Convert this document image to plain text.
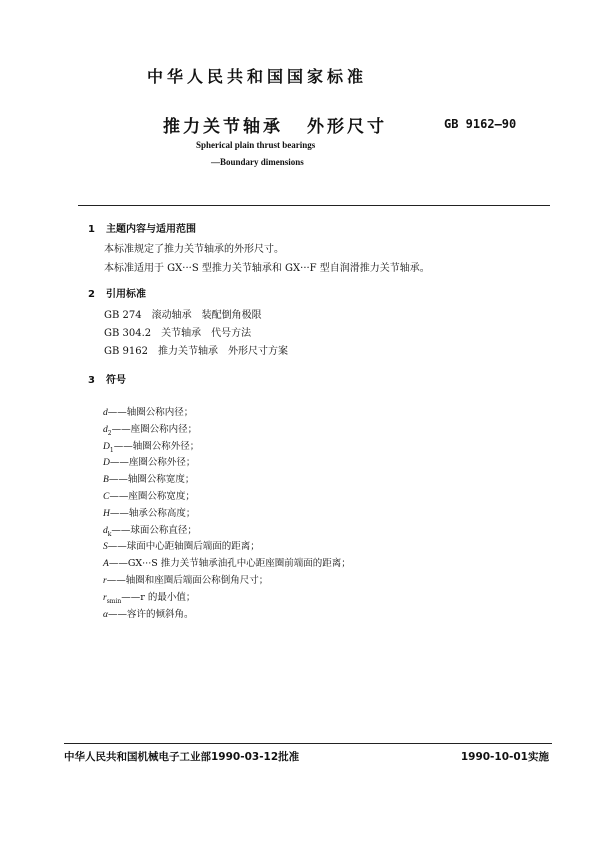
中华人民共和国国家标准
推力关节轴承 外形尺寸	GB 9162—90
Spherical plain thrust bearings
—Boundary dimensions
1 主题内容与适用范围
本标准规定了推力关节轴承的外形尺寸。
本标准适用于 GX···S 型推力关节轴承和 GX···F 型自润滑推力关节轴承。
2 引用标准
GB 274　滚动轴承　装配倒角极限
GB 304.2　关节轴承　代号方法
GB 9162　推力关节轴承　外形尺寸方案
3 符号
d——轴圈公称内径；
$d_2——$座圈公称内径；
$D_1——$轴圈公称外径；
D——座圈公称外径；
B——轴圈公称宽度；
C——座圈公称宽度；
H——轴承公称高度；
$d_k——$球面公称直径；
S——球面中心距轴圈后端面的距离；
A——GX···S 推力关节轴承油孔中心距座圈前端面的距离；
r——轴圈和座圈后端面公称倒角尺寸；
$r_{smin}——r$ 的最小值；
α——容许的倾斜角。
中华人民共和国机械电子工业部1990-03-12批准	1990-10-01实施
